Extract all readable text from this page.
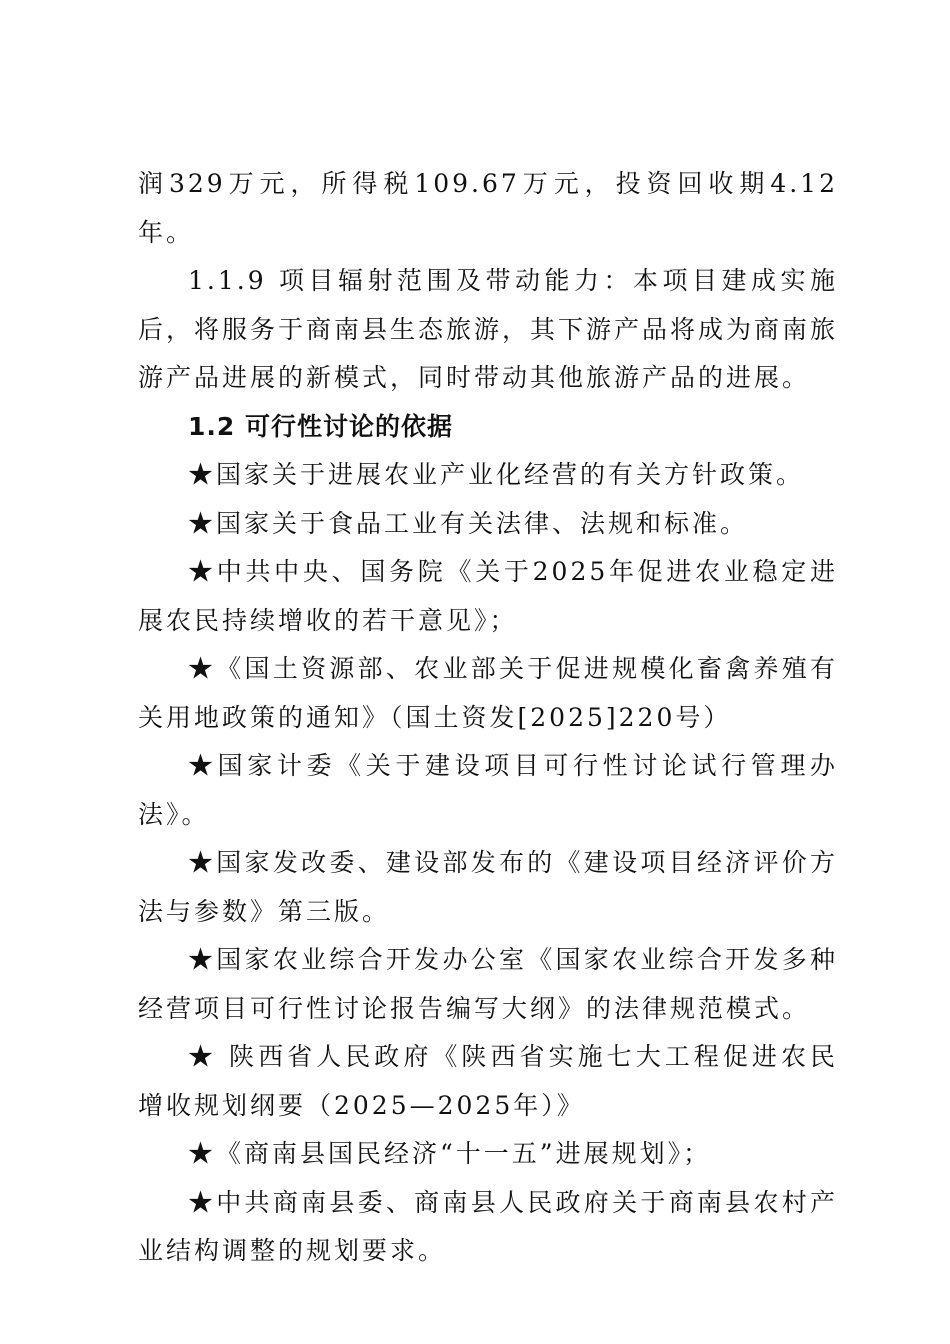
润329万元，所得税109.67万元，投资回收期4.12年。

1.1.9 项目辐射范围及带动能力：本项目建成实施后，将服务于商南县生态旅游，其下游产品将成为商南旅游产品进展的新模式，同时带动其他旅游产品的进展。

1.2 可行性讨论的依据

★国家关于进展农业产业化经营的有关方针政策。

★国家关于食品工业有关法律、法规和标准。

★中共中央、国务院《关于2025年促进农业稳定进展农民持续增收的若干意见》；

★《国土资源部、农业部关于促进规模化畜禽养殖有关用地政策的通知》（国土资发[2025]220号）

★国家计委《关于建设项目可行性讨论试行管理办法》。

★国家发改委、建设部发布的《建设项目经济评价方法与参数》第三版。

★国家农业综合开发办公室《国家农业综合开发多种经营项目可行性讨论报告编写大纲》的法律规范模式。

★ 陕西省人民政府《陕西省实施七大工程促进农民增收规划纲要（2025—2025年）》

★《商南县国民经济“十一五”进展规划》；

★中共商南县委、商南县人民政府关于商南县农村产业结构调整的规划要求。
